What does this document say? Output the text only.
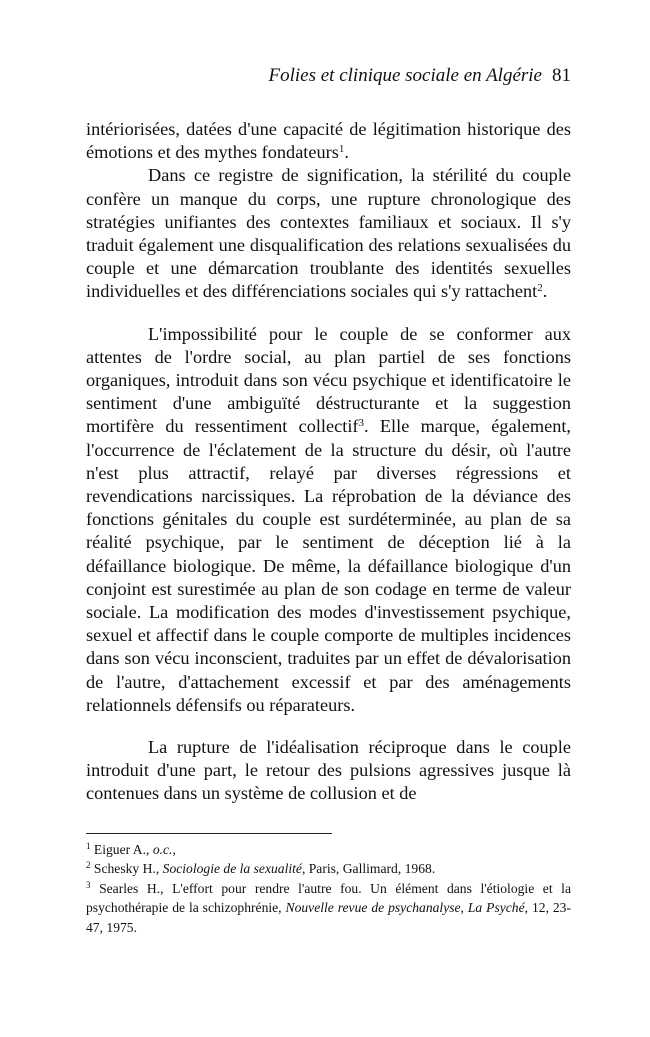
Folies et clinique sociale en Algérie 81

intériorisées, datées d'une capacité de légitimation historique des émotions et des mythes fondateurs$^1$.

Dans ce registre de signification, la stérilité du couple confère un manque du corps, une rupture chronologique des stratégies unifiantes des contextes familiaux et sociaux. Il s'y traduit également une disqualification des relations sexualisées du couple et une démarcation troublante des identités sexuelles individuelles et des différenciations sociales qui s'y rattachent$^2$.

L'impossibilité pour le couple de se conformer aux attentes de l'ordre social, au plan partiel de ses fonctions organiques, introduit dans son vécu psychique et identificatoire le sentiment d'une ambiguïté déstructurante et la suggestion mortifère du ressentiment collectif$^3$. Elle marque, également, l'occurrence de l'éclatement de la structure du désir, où l'autre n'est plus attractif, relayé par diverses régressions et revendications narcissiques. La réprobation de la déviance des fonctions génitales du couple est surdéterminée, au plan de sa réalité psychique, par le sentiment de déception lié à la défaillance biologique. De même, la défaillance biologique d'un conjoint est surestimée au plan de son codage en terme de valeur sociale. La modification des modes d'investissement psychique, sexuel et affectif dans le couple comporte de multiples incidences dans son vécu inconscient, traduites par un effet de dévalorisation de l'autre, d'attachement excessif et par des aménagements relationnels défensifs ou réparateurs.

La rupture de l'idéalisation réciproque dans le couple introduit d'une part, le retour des pulsions agressives jusque là contenues dans un système de collusion et de

$^1$ Eiguer A., o.c.,

$^2$ Schesky H., Sociologie de la sexualité, Paris, Gallimard, 1968.

$^3$ Searles H., L'effort pour rendre l'autre fou. Un élément dans l'étiologie et la psychothérapie de la schizophrénie, Nouvelle revue de psychanalyse, La Psyché, 12, 23-47, 1975.
